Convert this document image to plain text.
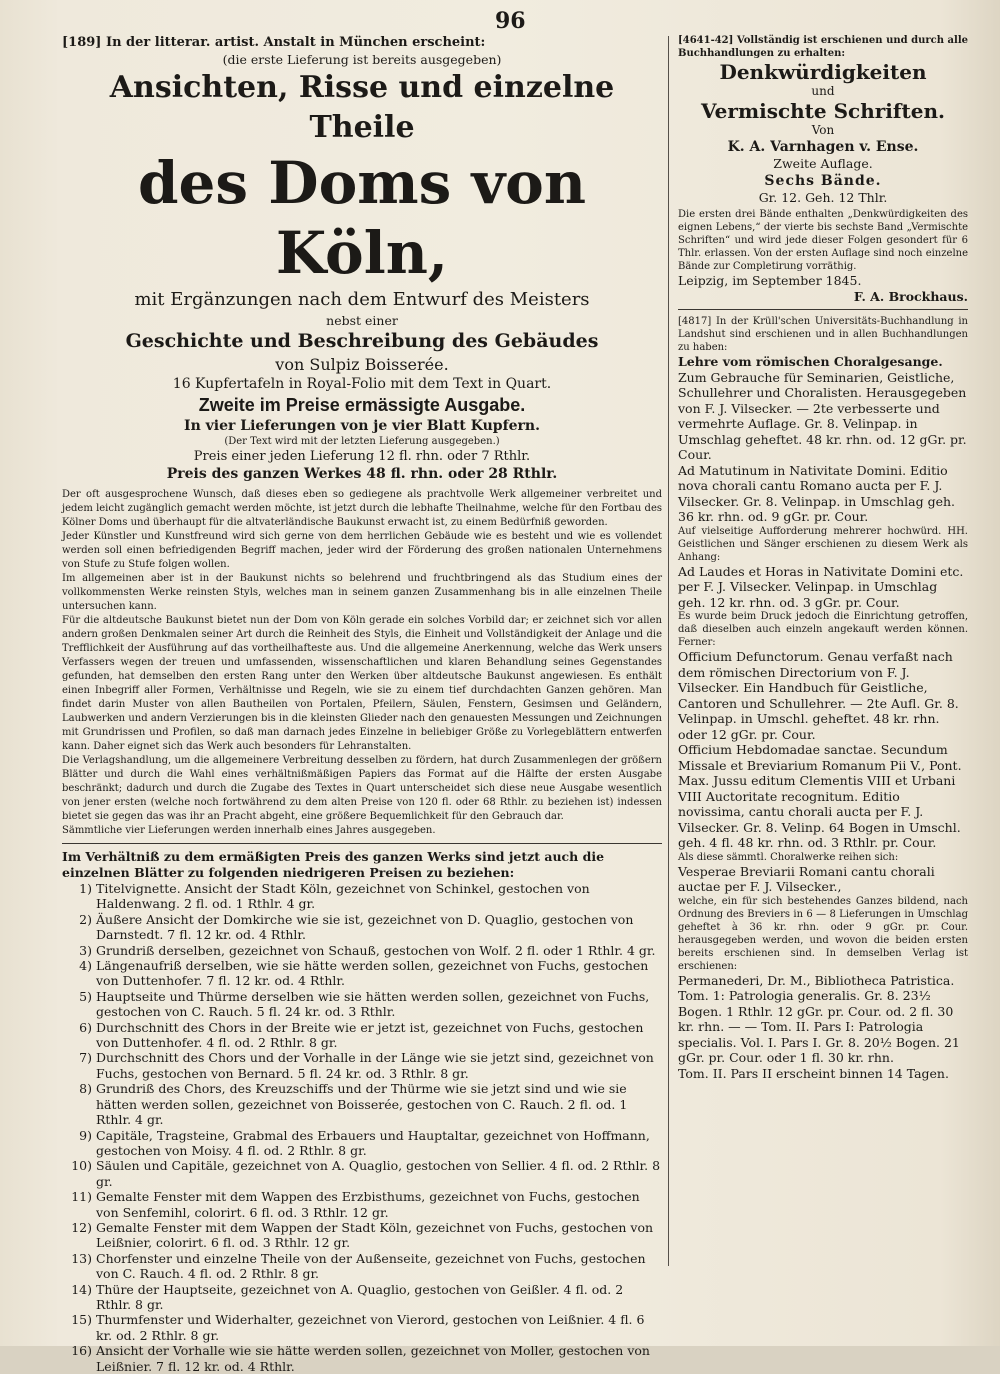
96
[189] In der litterar. artist. Anstalt in München erscheint:
(die erste Lieferung ist bereits ausgegeben)
Ansichten, Risse und einzelne Theile
des Doms von Köln,
mit Ergänzungen nach dem Entwurf des Meisters
nebst einer
Geschichte und Beschreibung des Gebäudes
von Sulpiz Boisserée.
16 Kupfertafeln in Royal-Folio mit dem Text in Quart.
Zweite im Preise ermässigte Ausgabe.
In vier Lieferungen von je vier Blatt Kupfern.
(Der Text wird mit der letzten Lieferung ausgegeben.)
Preis einer jeden Lieferung 12 fl. rhn. oder 7 Rthlr.
Preis des ganzen Werkes 48 fl. rhn. oder 28 Rthlr.
Der oft ausgesprochene Wunsch, daß dieses eben so gediegene als prachtvolle Werk allgemeiner verbreitet und jedem leicht zugänglich gemacht werden möchte, ist jetzt durch die lebhafte Theilnahme, welche für den Fortbau des Kölner Doms und überhaupt für die altvaterländische Baukunst erwacht ist, zu einem Bedürfniß geworden.
Jeder Künstler und Kunstfreund wird sich gerne von dem herrlichen Gebäude wie es besteht und wie es vollendet werden soll einen befriedigenden Begriff machen, jeder wird der Förderung des großen nationalen Unternehmens von Stufe zu Stufe folgen wollen.
Im allgemeinen aber ist in der Baukunst nichts so belehrend und fruchtbringend als das Studium eines der vollkommensten Werke reinsten Styls, welches man in seinem ganzen Zusammenhang bis in alle einzelnen Theile untersuchen kann.
Für die altdeutsche Baukunst bietet nun der Dom von Köln gerade ein solches Vorbild dar; er zeichnet sich vor allen andern großen Denkmalen seiner Art durch die Reinheit des Styls, die Einheit und Vollständigkeit der Anlage und die Trefflichkeit der Ausführung auf das vortheilhafteste aus. Und die allgemeine Anerkennung, welche das Werk unsers Verfassers wegen der treuen und umfassenden, wissenschaftlichen und klaren Behandlung seines Gegenstandes gefunden, hat demselben den ersten Rang unter den Werken über altdeutsche Baukunst angewiesen. Es enthält einen Inbegriff aller Formen, Verhältnisse und Regeln, wie sie zu einem tief durchdachten Ganzen gehören. Man findet darin Muster von allen Bautheilen von Portalen, Pfeilern, Säulen, Fenstern, Gesimsen und Geländern, Laubwerken und andern Verzierungen bis in die kleinsten Glieder nach den genauesten Messungen und Zeichnungen mit Grundrissen und Profilen, so daß man darnach jedes Einzelne in beliebiger Größe zu Vorlegeblättern entwerfen kann. Daher eignet sich das Werk auch besonders für Lehranstalten.
Die Verlagshandlung, um die allgemeinere Verbreitung desselben zu fördern, hat durch Zusammenlegen der größern Blätter und durch die Wahl eines verhältnißmäßigen Papiers das Format auf die Hälfte der ersten Ausgabe beschränkt; dadurch und durch die Zugabe des Textes in Quart unterscheidet sich diese neue Ausgabe wesentlich von jener ersten (welche noch fortwährend zu dem alten Preise von 120 fl. oder 68 Rthlr. zu beziehen ist) indessen bietet sie gegen das was ihr an Pracht abgeht, eine größere Bequemlichkeit für den Gebrauch dar.
Sämmtliche vier Lieferungen werden innerhalb eines Jahres ausgegeben.
Im Verhältniß zu dem ermäßigten Preis des ganzen Werks sind jetzt auch die einzelnen Blätter zu folgenden niedrigeren Preisen zu beziehen:
1) Titelvignette. Ansicht der Stadt Köln, gezeichnet von Schinkel, gestochen von Haldenwang. 2 fl. od. 1 Rthlr. 4 gr.
2) Äußere Ansicht der Domkirche wie sie ist, gezeichnet von D. Quaglio, gestochen von Darnstedt. 7 fl. 12 kr. od. 4 Rthlr.
3) Grundriß derselben, gezeichnet von Schauß, gestochen von Wolf. 2 fl. oder 1 Rthlr. 4 gr.
4) Längenaufriß derselben, wie sie hätte werden sollen, gezeichnet von Fuchs, gestochen von Duttenhofer. 7 fl. 12 kr. od. 4 Rthlr.
5) Hauptseite und Thürme derselben wie sie hätten werden sollen, gezeichnet von Fuchs, gestochen von C. Rauch. 5 fl. 24 kr. od. 3 Rthlr.
6) Durchschnitt des Chors in der Breite wie er jetzt ist, gezeichnet von Fuchs, gestochen von Duttenhofer. 4 fl. od. 2 Rthlr. 8 gr.
7) Durchschnitt des Chors und der Vorhalle in der Länge wie sie jetzt sind, gezeichnet von Fuchs, gestochen von Bernard. 5 fl. 24 kr. od. 3 Rthlr. 8 gr.
8) Grundriß des Chors, des Kreuzschiffs und der Thürme wie sie jetzt sind und wie sie hätten werden sollen, gezeichnet von Boisserée, gestochen von C. Rauch. 2 fl. od. 1 Rthlr. 4 gr.
9) Capitäle, Tragsteine, Grabmal des Erbauers und Hauptaltar, gezeichnet von Hoffmann, gestochen von Moisy. 4 fl. od. 2 Rthlr. 8 gr.
10) Säulen und Capitäle, gezeichnet von A. Quaglio, gestochen von Sellier. 4 fl. od. 2 Rthlr. 8 gr.
11) Gemalte Fenster mit dem Wappen des Erzbisthums, gezeichnet von Fuchs, gestochen von Senfemihl, colorirt. 6 fl. od. 3 Rthlr. 12 gr.
12) Gemalte Fenster mit dem Wappen der Stadt Köln, gezeichnet von Fuchs, gestochen von Leißnier, colorirt. 6 fl. od. 3 Rthlr. 12 gr.
13) Chorfenster und einzelne Theile von der Außenseite, gezeichnet von Fuchs, gestochen von C. Rauch. 4 fl. od. 2 Rthlr. 8 gr.
14) Thüre der Hauptseite, gezeichnet von A. Quaglio, gestochen von Geißler. 4 fl. od. 2 Rthlr. 8 gr.
15) Thurmfenster und Widerhalter, gezeichnet von Vierord, gestochen von Leißnier. 4 fl. 6 kr. od. 2 Rthlr. 8 gr.
16) Ansicht der Vorhalle wie sie hätte werden sollen, gezeichnet von Moller, gestochen von Leißnier. 7 fl. 12 kr. od. 4 Rthlr.
[4641-42] Vollständig ist erschienen und durch alle Buchhandlungen zu erhalten:
Denkwürdigkeiten
und
Vermischte Schriften.
Von
K. A. Varnhagen v. Ense.
Zweite Auflage.
Sechs Bände.
Gr. 12. Geh. 12 Thlr.
Die ersten drei Bände enthalten „Denkwürdigkeiten des eignen Lebens,“ der vierte bis sechste Band „Vermischte Schriften“ und wird jede dieser Folgen gesondert für 6 Thlr. erlassen. Von der ersten Auflage sind noch einzelne Bände zur Completirung vorräthig.
Leipzig, im September 1845.
F. A. Brockhaus.
[4817] In der Krüll'schen Universitäts-Buchhandlung in Landshut sind erschienen und in allen Buchhandlungen zu haben:
Lehre vom römischen Choralgesange.
Zum Gebrauche für Seminarien, Geistliche, Schullehrer und Choralisten. Herausgegeben von F. J. Vilsecker. — 2te verbesserte und vermehrte Auflage. Gr. 8. Velinpap. in Umschlag geheftet. 48 kr. rhn. od. 12 gGr. pr. Cour.
Ad Matutinum in Nativitate Domini. Editio nova chorali cantu Romano aucta per F. J. Vilsecker. Gr. 8. Velinpap. in Umschlag geh. 36 kr. rhn. od. 9 gGr. pr. Cour.
Auf vielseitige Aufforderung mehrerer hochwürd. HH. Geistlichen und Sänger erschienen zu diesem Werk als Anhang:
Ad Laudes et Horas in Nativitate Domini etc. per F. J. Vilsecker. Velinpap. in Umschlag geh. 12 kr. rhn. od. 3 gGr. pr. Cour.
Es wurde beim Druck jedoch die Einrichtung getroffen, daß dieselben auch einzeln angekauft werden können. Ferner:
Officium Defunctorum. Genau verfaßt nach dem römischen Directorium von F. J. Vilsecker. Ein Handbuch für Geistliche, Cantoren und Schullehrer. — 2te Aufl. Gr. 8. Velinpap. in Umschl. geheftet. 48 kr. rhn. oder 12 gGr. pr. Cour.
Officium Hebdomadae sanctae. Secundum Missale et Breviarium Romanum Pii V., Pont. Max. Jussu editum Clementis VIII et Urbani VIII Auctoritate recognitum. Editio novissima, cantu chorali aucta per F. J. Vilsecker. Gr. 8. Velinp. 64 Bogen in Umschl. geh. 4 fl. 48 kr. rhn. od. 3 Rthlr. pr. Cour.
Als diese sämmtl. Choralwerke reihen sich:
Vesperae Breviarii Romani cantu chorali auctae per F. J. Vilsecker.,
welche, ein für sich bestehendes Ganzes bildend, nach Ordnung des Breviers in 6 — 8 Lieferungen in Umschlag geheftet à 36 kr. rhn. oder 9 gGr. pr. Cour. herausgegeben werden, und wovon die beiden ersten bereits erschienen sind. In demselben Verlag ist erschienen:
Permanederi, Dr. M., Bibliotheca Patristica. Tom. 1: Patrologia generalis. Gr. 8. 23½ Bogen. 1 Rthlr. 12 gGr. pr. Cour. od. 2 fl. 30 kr. rhn. — — Tom. II. Pars I: Patrologia specialis. Vol. I. Pars I. Gr. 8. 20½ Bogen. 21 gGr. pr. Cour. oder 1 fl. 30 kr. rhn.
Tom. II. Pars II erscheint binnen 14 Tagen.
